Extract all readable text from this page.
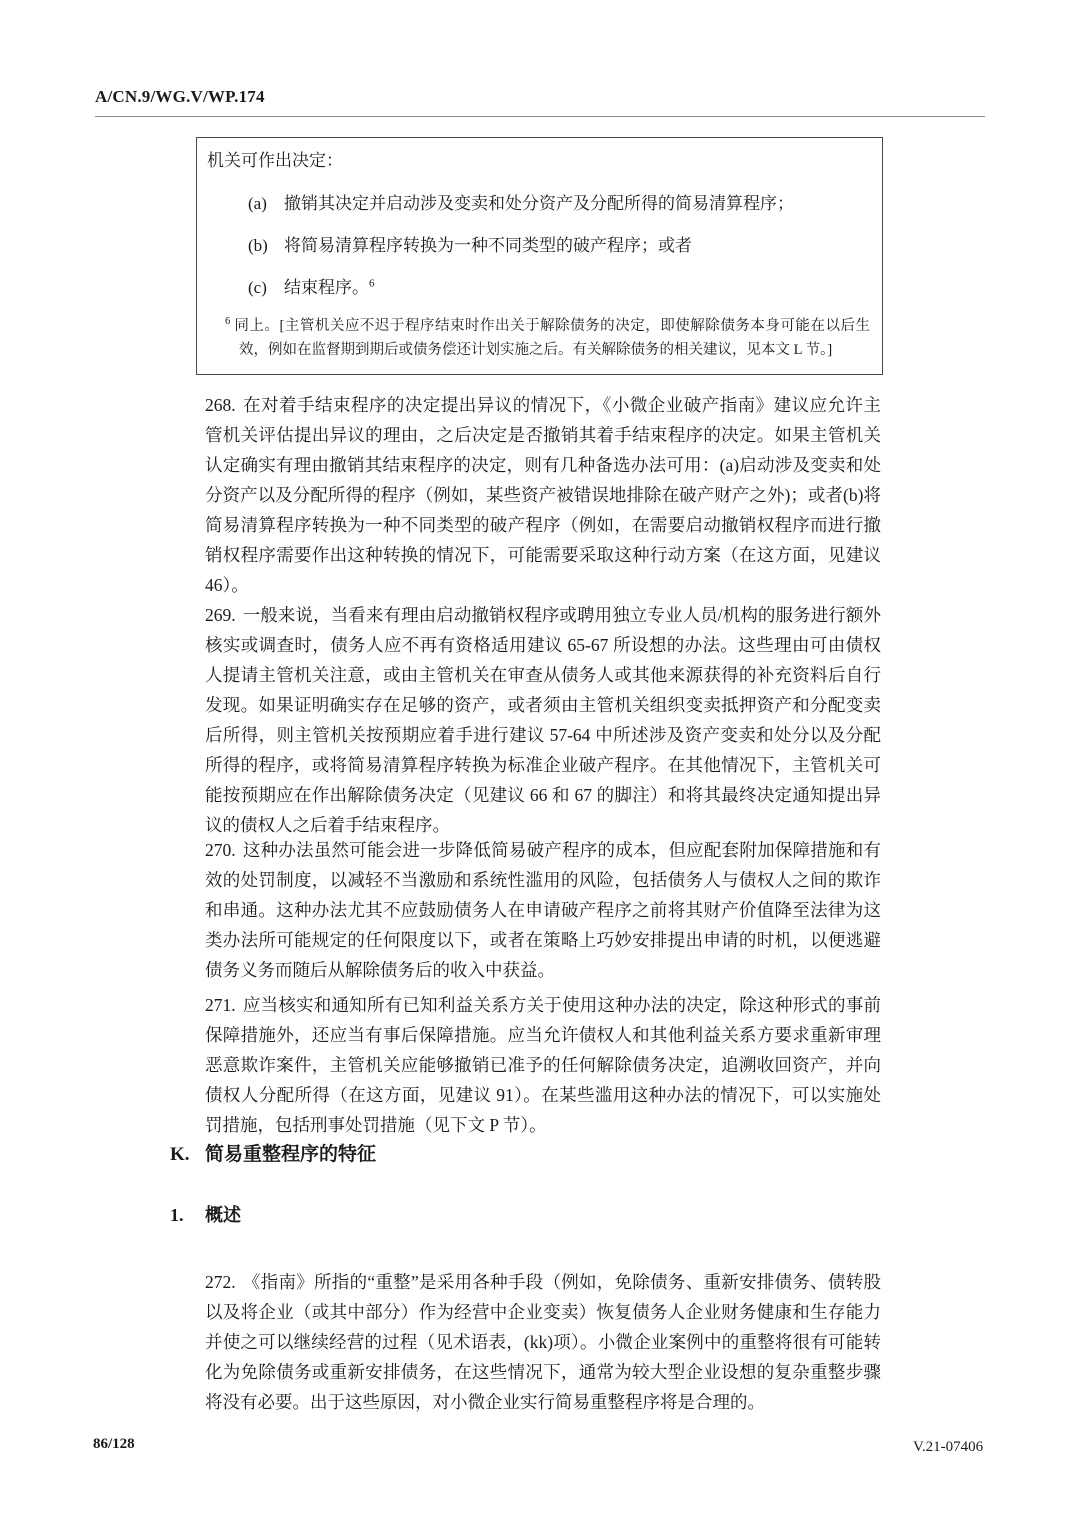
A/CN.9/WG.V/WP.174

机关可作出决定：

(a) 撤销其决定并启动涉及变卖和处分资产及分配所得的简易清算程序；

(b) 将简易清算程序转换为一种不同类型的破产程序；或者

(c) 结束程序。$^6$

$^6$ 同上。[主管机关应不迟于程序结束时作出关于解除债务的决定，即使解除债务本身可能在以后生效，例如在监督期到期后或债务偿还计划实施之后。有关解除债务的相关建议，见本文 L 节。]

268. 在对着手结束程序的决定提出异议的情况下，《小微企业破产指南》建议应允许主管机关评估提出异议的理由，之后决定是否撤销其着手结束程序的决定。如果主管机关认定确实有理由撤销其结束程序的决定，则有几种备选办法可用：(a)启动涉及变卖和处分资产以及分配所得的程序（例如，某些资产被错误地排除在破产财产之外)；或者(b)将简易清算程序转换为一种不同类型的破产程序（例如，在需要启动撤销权程序而进行撤销权程序需要作出这种转换的情况下，可能需要采取这种行动方案（在这方面，见建议 46）。

269. 一般来说，当看来有理由启动撤销权程序或聘用独立专业人员/机构的服务进行额外核实或调查时，债务人应不再有资格适用建议 65-67 所设想的办法。这些理由可由债权人提请主管机关注意，或由主管机关在审查从债务人或其他来源获得的补充资料后自行发现。如果证明确实存在足够的资产，或者须由主管机关组织变卖抵押资产和分配变卖后所得，则主管机关按预期应着手进行建议 57-64 中所述涉及资产变卖和处分以及分配所得的程序，或将简易清算程序转换为标准企业破产程序。在其他情况下，主管机关可能按预期应在作出解除债务决定（见建议 66 和 67 的脚注）和将其最终决定通知提出异议的债权人之后着手结束程序。

270. 这种办法虽然可能会进一步降低简易破产程序的成本，但应配套附加保障措施和有效的处罚制度，以减轻不当激励和系统性滥用的风险，包括债务人与债权人之间的欺诈和串通。这种办法尤其不应鼓励债务人在申请破产程序之前将其财产价值降至法律为这类办法所可能规定的任何限度以下，或者在策略上巧妙安排提出申请的时机，以便逃避债务义务而随后从解除债务后的收入中获益。

271. 应当核实和通知所有已知利益关系方关于使用这种办法的决定，除这种形式的事前保障措施外，还应当有事后保障措施。应当允许债权人和其他利益关系方要求重新审理恶意欺诈案件，主管机关应能够撤销已准予的任何解除债务决定，追溯收回资产，并向债权人分配所得（在这方面，见建议 91）。在某些滥用这种办法的情况下，可以实施处罚措施，包括刑事处罚措施（见下文 P 节）。

K. 简易重整程序的特征
1. 概述

272. 《指南》所指的“重整”是采用各种手段（例如，免除债务、重新安排债务、债转股以及将企业（或其中部分）作为经营中企业变卖）恢复债务人企业财务健康和生存能力并使之可以继续经营的过程（见术语表，(kk)项）。小微企业案例中的重整将很有可能转化为免除债务或重新安排债务，在这些情况下，通常为较大型企业设想的复杂重整步骤将没有必要。出于这些原因，对小微企业实行简易重整程序将是合理的。

86/128	V.21-07406
